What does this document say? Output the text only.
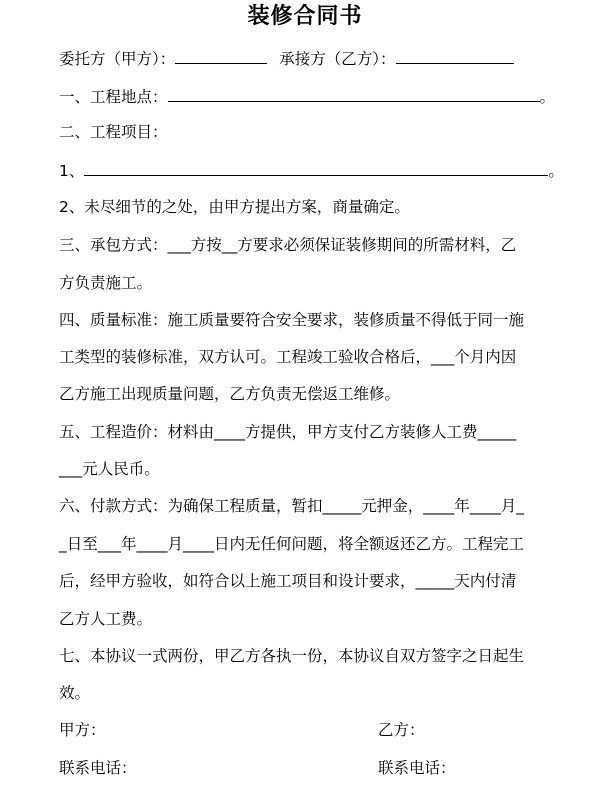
装修合同书
委托方（甲方）：	承接方（乙方）：
一、工程地点：	。
二、工程项目：
1、	。
2、未尽细节的之处，由甲方提出方案，商量确定。
三、承包方式：___方按__方要求必须保证装修期间的所需材料，乙
方负责施工。
四、质量标准：施工质量要符合安全要求，装修质量不得低于同一施
工类型的装修标准，双方认可。工程竣工验收合格后，___个月内因
乙方施工出现质量问题，乙方负责无偿返工维修。
五、工程造价：材料由____方提供，甲方支付乙方装修人工费_____
___元人民币。
六、付款方式：为确保工程质量，暂扣_____元押金，____年____月_
_日至___年____月____日内无任何问题，将全额返还乙方。工程完工
后，经甲方验收，如符合以上施工项目和设计要求，_____天内付清
乙方人工费。
七、本协议一式两份，甲乙方各执一份，本协议自双方签字之日起生
效。
甲方：	乙方：
联系电话：	联系电话：
